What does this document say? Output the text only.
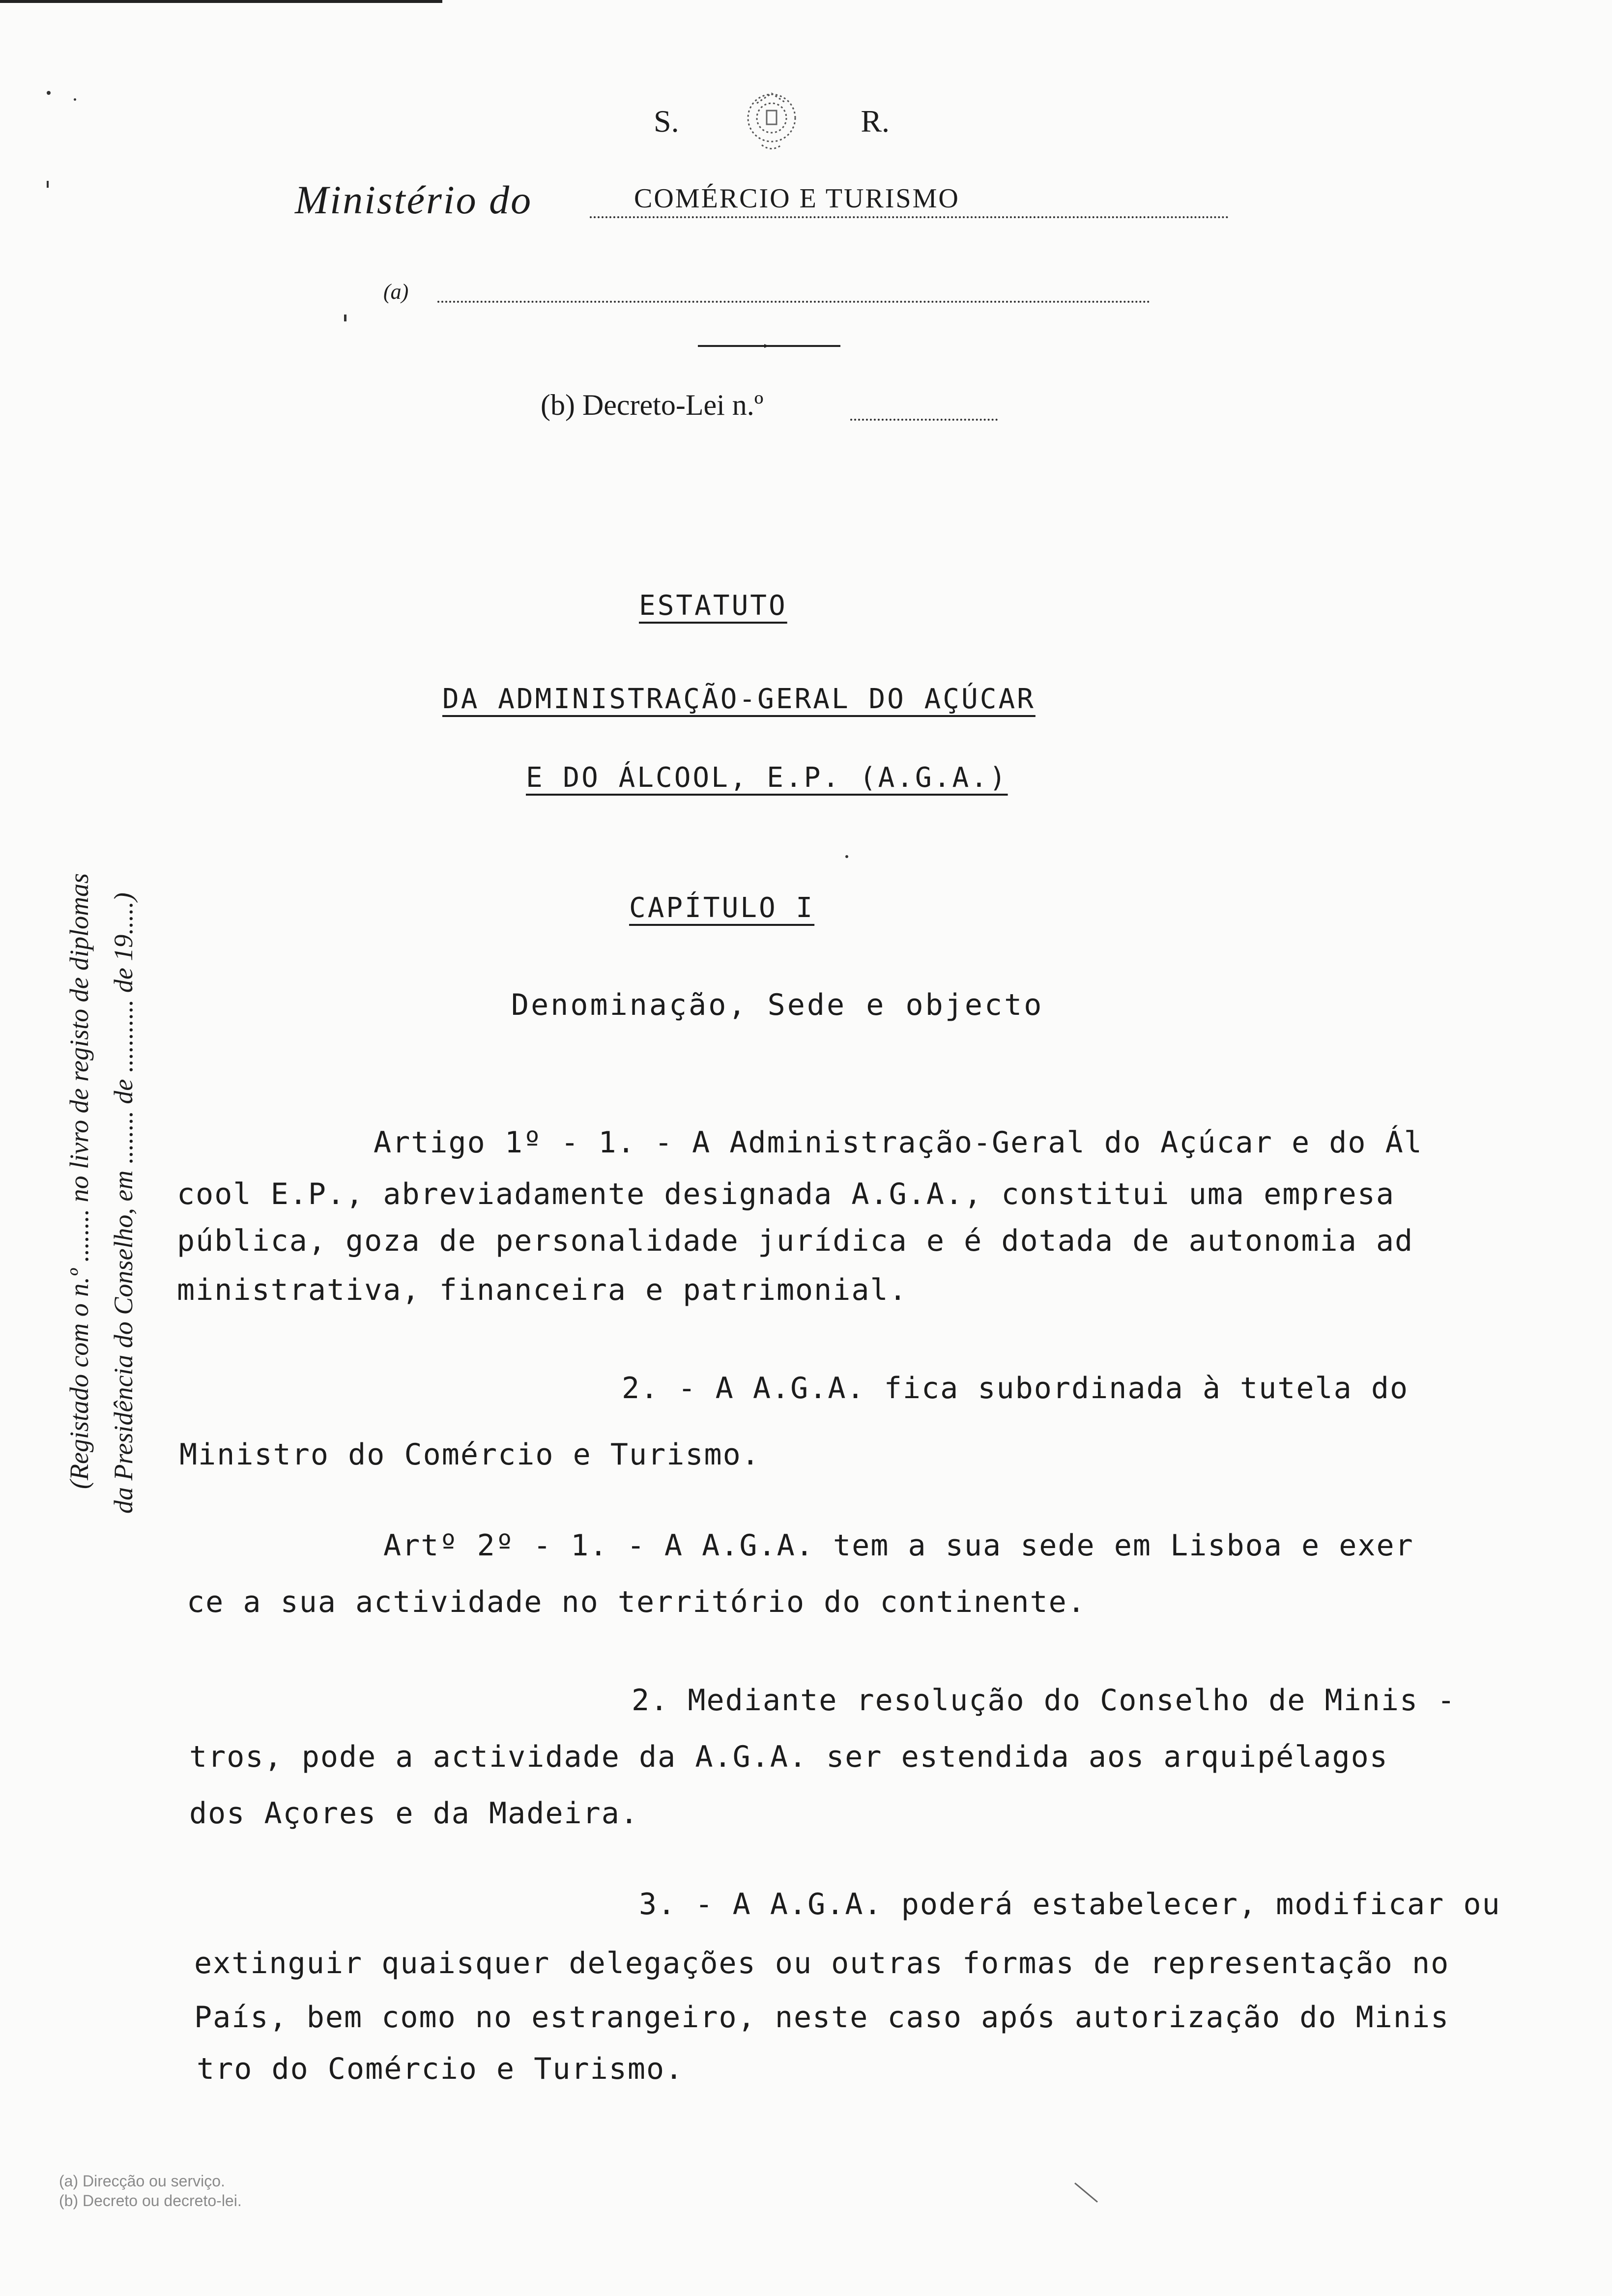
S.	R.
Ministério do	COMÉRCIO E TURISMO
(a)
(b) Decreto-Lei n.º
(Registado com o n.º ........ no livro de registo de diplomas da Presidência do Conselho, em ........ de ........... de 19.....)
ESTATUTO
DA ADMINISTRAÇÃO-GERAL DO AÇÚCAR
E DO ÁLCOOL, E.P. (A.G.A.)
CAPÍTULO I
Denominação, Sede e objecto
Artigo 1º - 1. - A Administração-Geral do Açúcar e do Ál
cool E.P., abreviadamente designada A.G.A., constitui uma empresa
pública, goza de personalidade jurídica e é dotada de autonomia ad
ministrativa, financeira e patrimonial.
2. - A A.G.A. fica subordinada à tutela do
Ministro do Comércio e Turismo.
Artº 2º - 1. - A A.G.A. tem a sua sede em Lisboa e exer
ce a sua actividade no território do continente.
2. Mediante resolução do Conselho de Minis -
tros, pode a actividade da A.G.A. ser estendida aos arquipélagos
dos Açores e da Madeira.
3. - A A.G.A. poderá estabelecer, modificar ou
extinguir quaisquer delegações ou outras formas de representação no
País, bem como no estrangeiro, neste caso após autorização do Minis
tro do Comércio e Turismo.
(a) Direcção ou serviço.
(b) Decreto ou decreto-lei.
